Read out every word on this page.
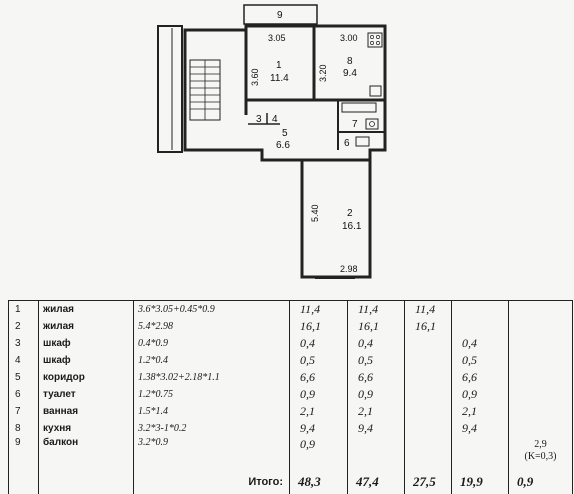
9
1
11.4
8
9.4
3 4
5
6.6
7
6
2
16.1
3.05	3.00
3.60	3.20
5.40
2.98
1	жилая	3.6*3.05+0.45*0.9	11,4	11,4	11,4		
2	жилая	5.4*2.98	16,1	16,1	16,1		
3	шкаф	0.4*0.9	0,4	0,4		0,4	
4	шкаф	1.2*0.4	0,5	0,5		0,5	
5	коридор	1.38*3.02+2.18*1.1	6,6	6,6		6,6	
6	туалет	1.2*0.75	0,9	0,9		0,9	
7	ванная	1.5*1.4	2,1	2,1		2,1	
8	кухня	3.2*3-1*0.2	9,4	9,4		9,4	
9	балкон	3.2*0.9	0,9				2,9
(K=0,3)

		Итого:	48,3	47,4	27,5	19,9	0,9
